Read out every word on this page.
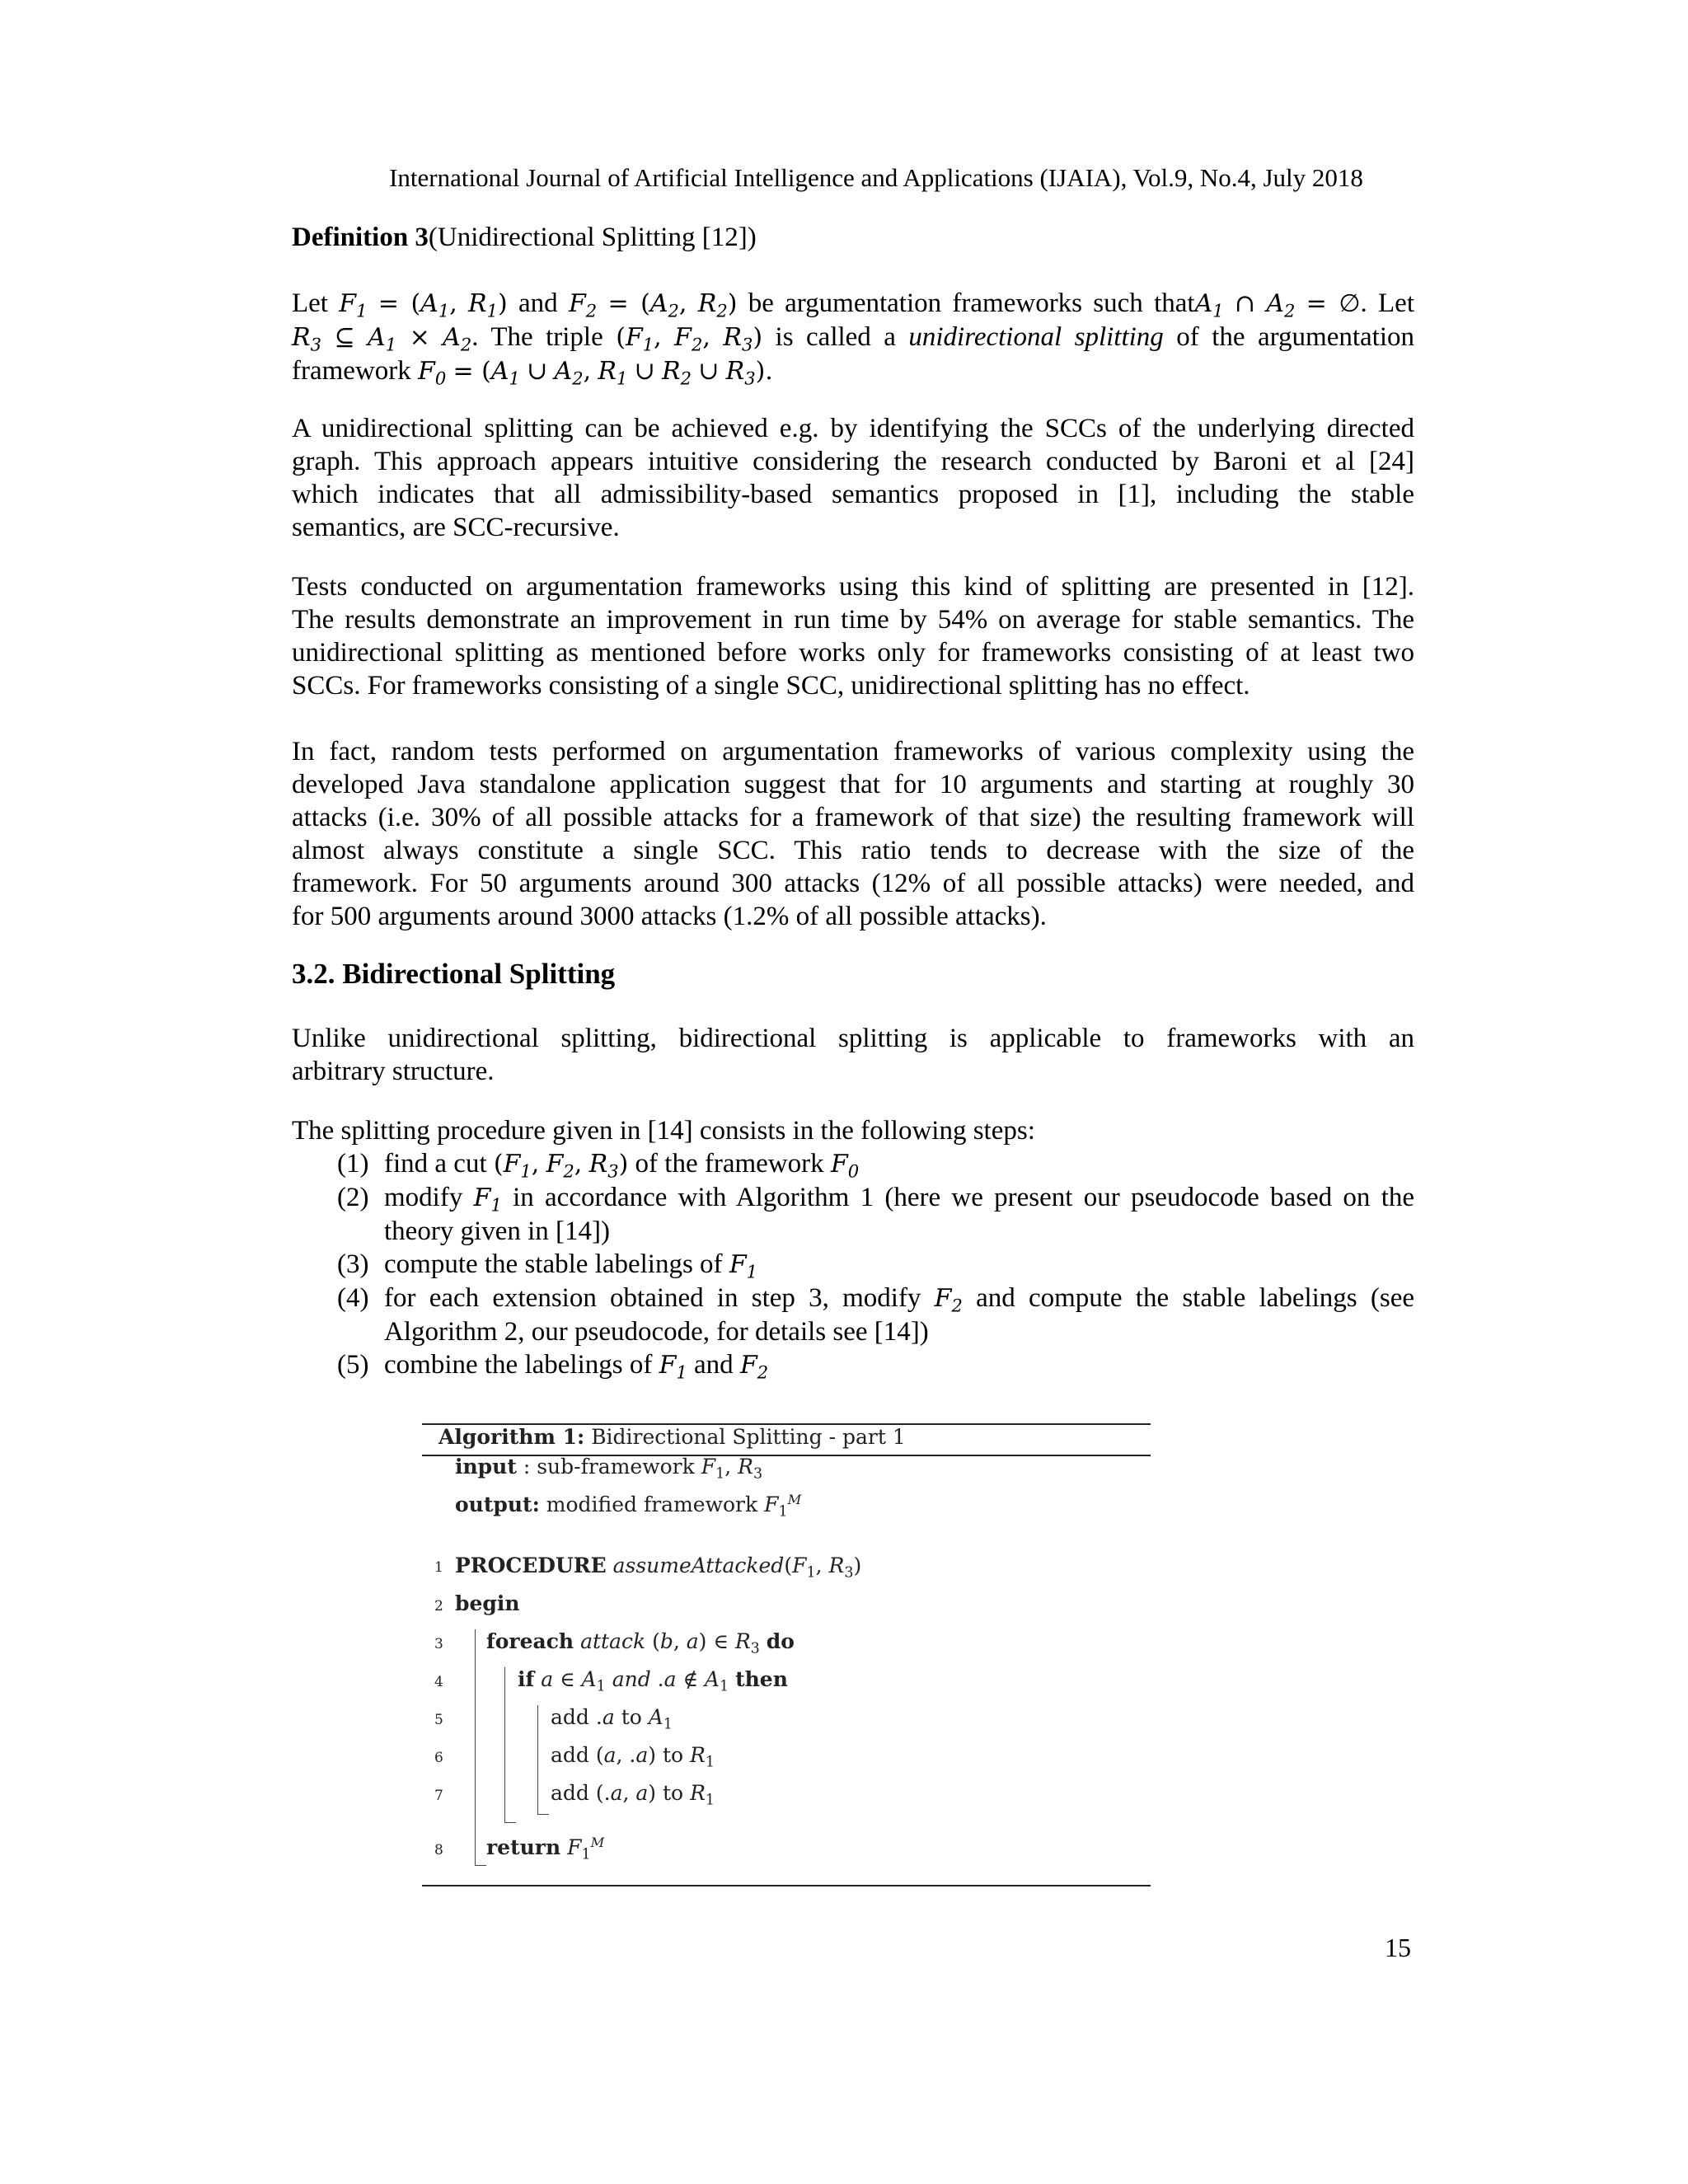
International Journal of Artificial Intelligence and Applications (IJAIA), Vol.9, No.4, July 2018
Definition 3(Unidirectional Splitting [12])

Let $F_1 = (A_1$, $R_1$) and $F_2 = (A_2$, $R_2$) be argumentation frameworks such thatA$_1$ ∩ $A_2$ = ∅. Let

$R_3$ ⊆ $A_1 \times A_2$. The triple ($F_1$, $F_2$, $R_3$) is called a unidirectional splitting of the argumentation

framework $F_0 = (A_1$ ∪ $A_2$, $R_1$ ∪ $R_2$ ∪ $R_3$).

A unidirectional splitting can be achieved e.g. by identifying the SCCs of the underlying directed

graph. This approach appears intuitive considering the research conducted by Baroni et al [24]

which indicates that all admissibility-based semantics proposed in [1], including the stable

semantics, are SCC-recursive.

Tests conducted on argumentation frameworks using this kind of splitting are presented in [12].

The results demonstrate an improvement in run time by 54% on average for stable semantics. The

unidirectional splitting as mentioned before works only for frameworks consisting of at least two

SCCs. For frameworks consisting of a single SCC, unidirectional splitting has no effect.

In fact, random tests performed on argumentation frameworks of various complexity using the

developed Java standalone application suggest that for 10 arguments and starting at roughly 30

attacks (i.e. 30% of all possible attacks for a framework of that size) the resulting framework will

almost always constitute a single SCC. This ratio tends to decrease with the size of the

framework. For 50 arguments around 300 attacks (12% of all possible attacks) were needed, and

for 500 arguments around 3000 attacks (1.2% of all possible attacks).

3.2. Bidirectional Splitting

Unlike unidirectional splitting, bidirectional splitting is applicable to frameworks with an

arbitrary structure.

The splitting procedure given in [14] consists in the following steps:

(1) find a cut ($F_1$, $F_2$, $R_3$) of the framework $F_0$
(2) modify $F_1$ in accordance with Algorithm 1 (here we present our pseudocode based on the
theory given in [14])
(3) compute the stable labelings of $F_1$
(4) for each extension obtained in step 3, modify $F_2$ and compute the stable labelings (see
Algorithm 2, our pseudocode, for details see [14])
(5) combine the labelings of $F_1$ and $F_2$
Algorithm 1: Bidirectional Splitting - part 1
input : sub-framework $F_1$, $R_3$
output: modified framework $F_1^M$
1
2
3
4
5
6
7
8
PROCEDURE $assumeAttacked(F_1$, $R_3$)
begin
foreach attack (b, a) ∈ $R_3$ do
if a ∈ $A_1$ and .a ∉ $A_1$ then
add .a to $A_1$
add (a, .a) to $R_1$
add (.a, a) to $R_1$
return $F_1^M$
15
